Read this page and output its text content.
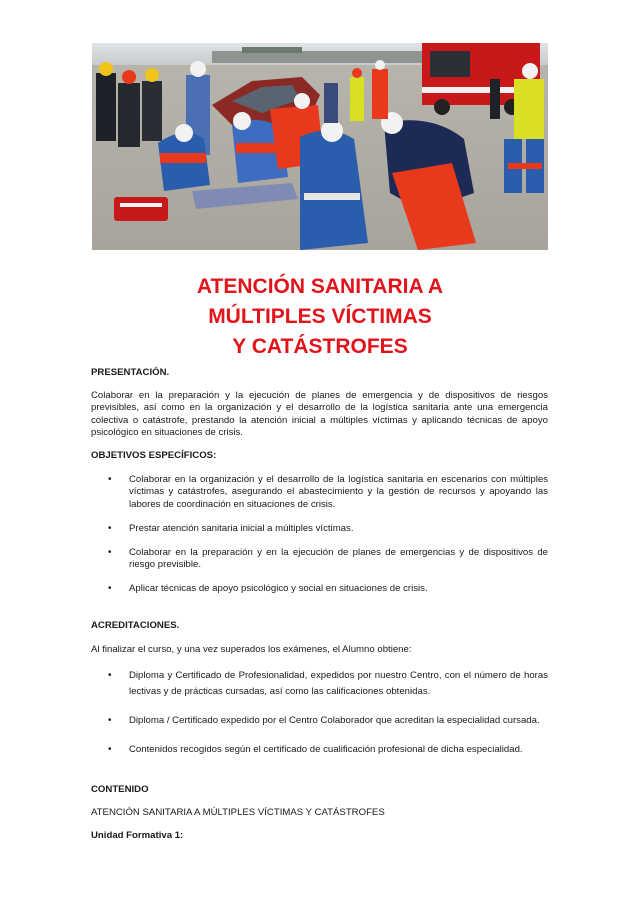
ATENCIÓN SANITARIA A
MÚLTIPLES VÍCTIMAS
Y CATÁSTROFES

PRESENTACIÓN.

Colaborar en la preparación y la ejecución de planes de emergencia y de dispositivos de riesgos previsibles, así como en la organización y el desarrollo de la logística sanitaria ante una emergencia colectiva o catástrofe, prestando la atención inicial a múltiples víctimas y aplicando técnicas de apoyo psicológico en situaciones de crisis.

OBJETIVOS ESPECÍFICOS:

• Colaborar en la organización y el desarrollo de la logística sanitaria en escenarios con múltiples víctimas y catástrofes, asegurando el abastecimiento y la gestión de recursos y apoyando las labores de coordinación en situaciones de crisis.
• Prestar atención sanitaria inicial a múltiples víctimas.
• Colaborar en la preparación y en la ejecución de planes de emergencias y de dispositivos de riesgo previsible.
• Aplicar técnicas de apoyo psicológico y social en situaciones de crisis.

ACREDITACIONES.

Al finalizar el curso, y una vez superados los exámenes, el Alumno obtiene:

• Diploma y Certificado de Profesionalidad, expedidos por nuestro Centro, con el número de horas lectivas y de prácticas cursadas, así como las calificaciones obtenidas.
• Diploma / Certificado expedido por el Centro Colaborador que acreditan la especialidad cursada.
• Contenidos recogidos según el certificado de cualificación profesional de dicha especialidad.

CONTENIDO

ATENCIÓN SANITARIA A MÚLTIPLES VÍCTIMAS Y CATÁSTROFES

Unidad Formativa 1:
